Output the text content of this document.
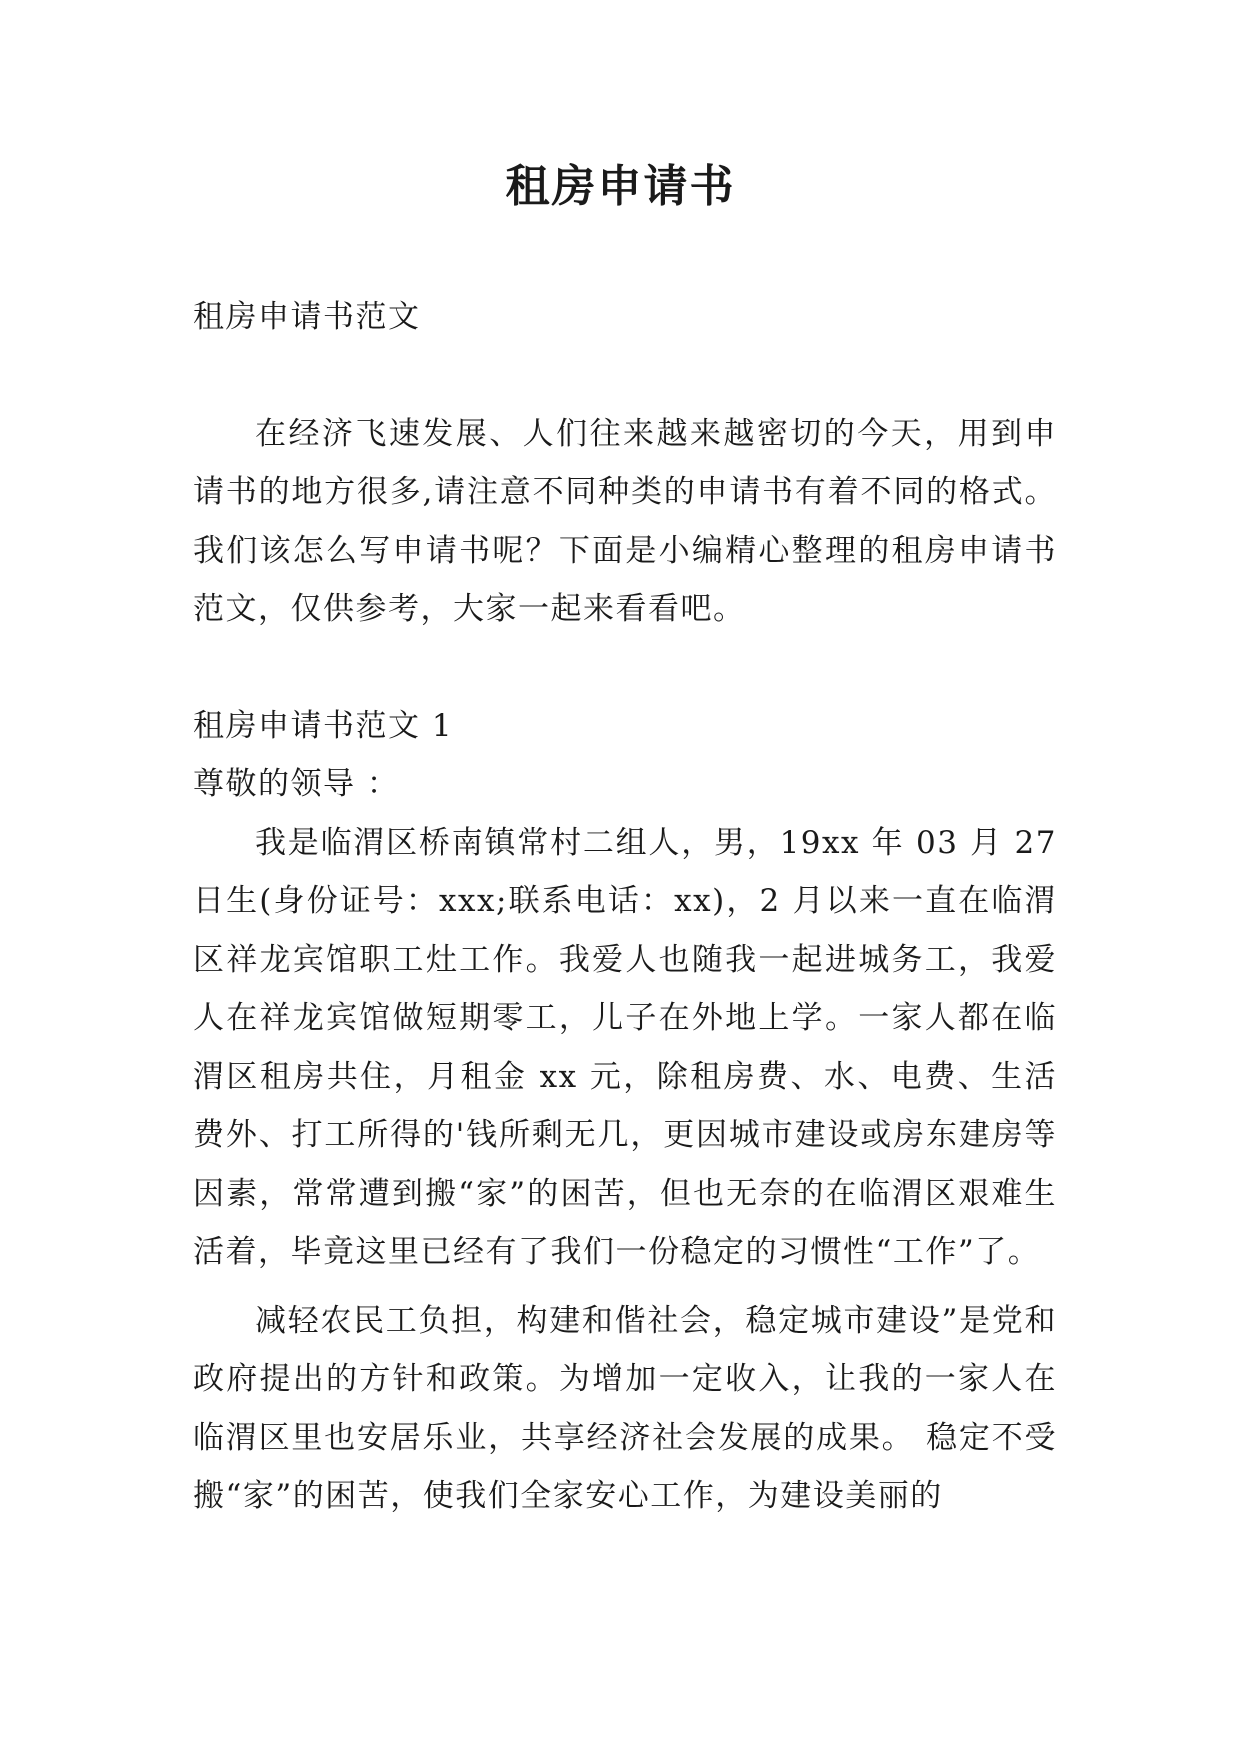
租房申请书

租房申请书范文

在经济飞速发展、人们往来越来越密切的今天，用到申请书的地方很多,请注意不同种类的申请书有着不同的格式。我们该怎么写申请书呢？下面是小编精心整理的租房申请书范文，仅供参考，大家一起来看看吧。

租房申请书范文 1

尊敬的领导 ：

我是临渭区桥南镇常村二组人，男，19xx 年 03 月 27 日生(身份证号：xxx;联系电话：xx)，2 月以来一直在临渭区祥龙宾馆职工灶工作。我爱人也随我一起进城务工，我爱人在祥龙宾馆做短期零工，儿子在外地上学。一家人都在临渭区租房共住，月租金 xx 元，除租房费、水、电费、生活费外、打工所得的'钱所剩无几，更因城市建设或房东建房等因素，常常遭到搬“家”的困苦，但也无奈的在临渭区艰难生活着，毕竟这里已经有了我们一份稳定的习惯性“工作”了。

减轻农民工负担，构建和偕社会，稳定城市建设”是党和政府提出的方针和政策。为增加一定收入，让我的一家人在临渭区里也安居乐业，共享经济社会发展的成果。 稳定不受搬“家”的困苦，使我们全家安心工作，为建设美丽的
